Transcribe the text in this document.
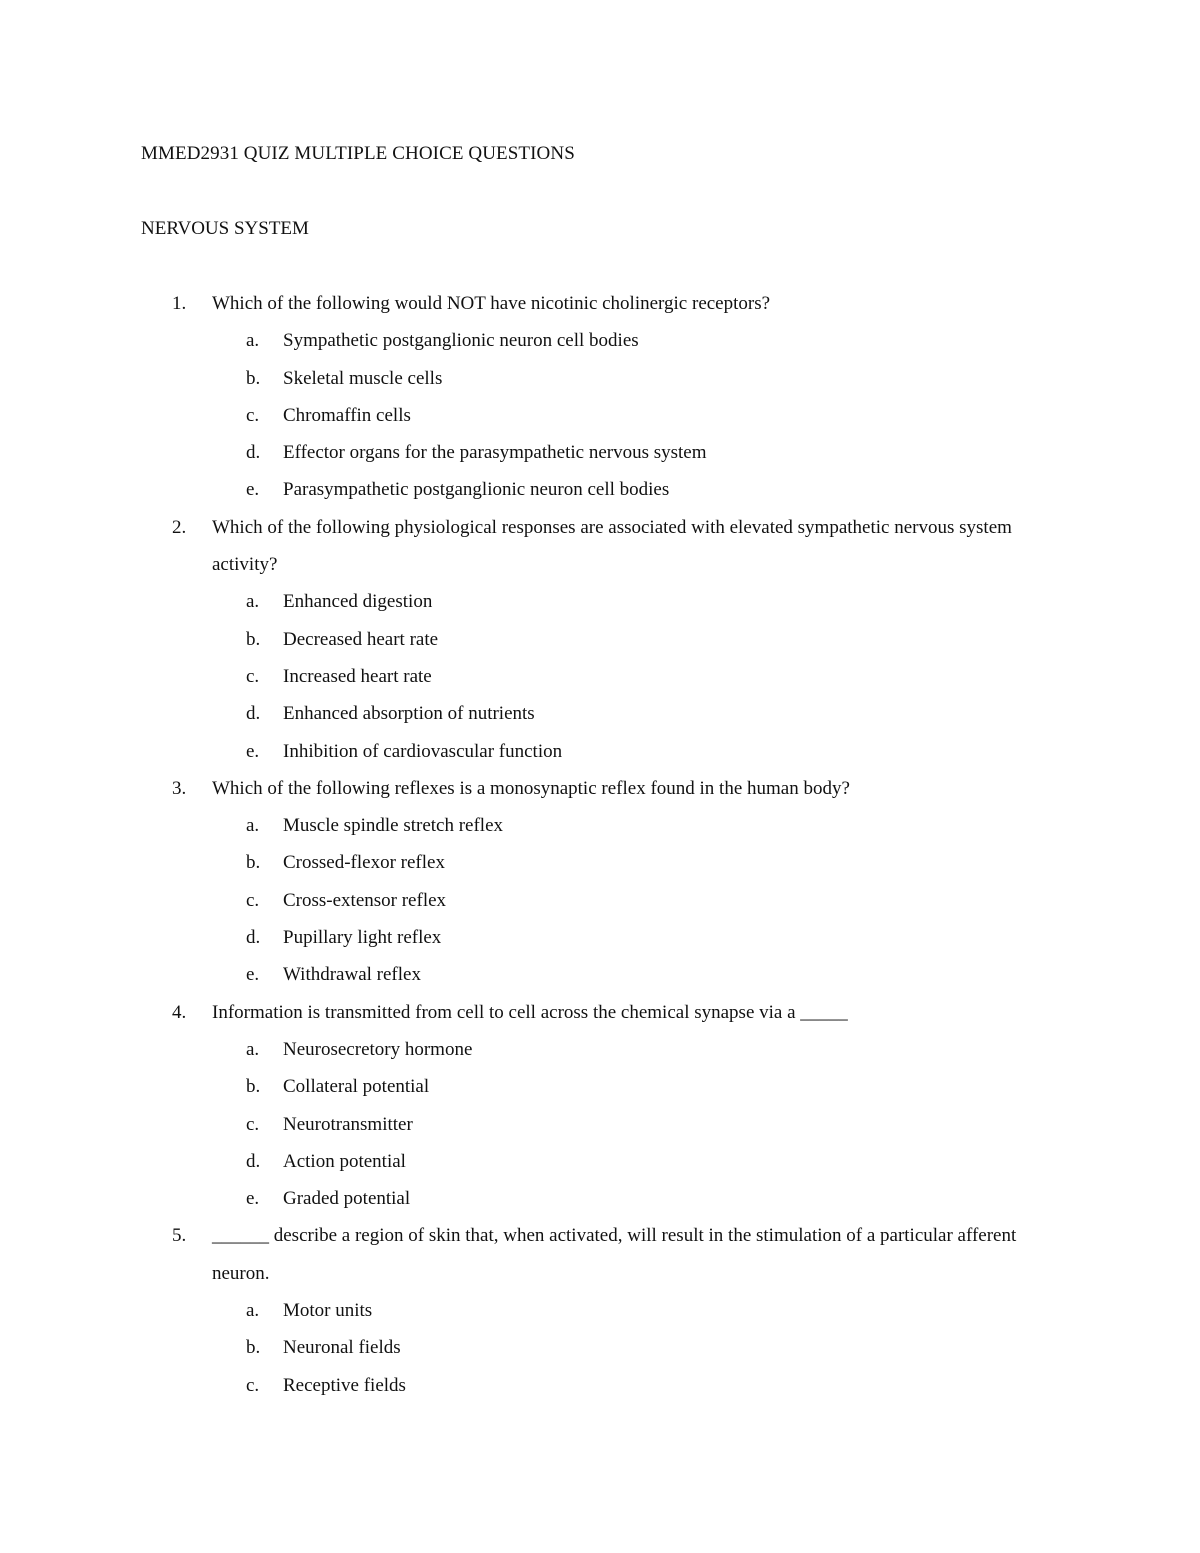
MMED2931 QUIZ MULTIPLE CHOICE QUESTIONS
NERVOUS SYSTEM
1. Which of the following would NOT have nicotinic cholinergic receptors?
a. Sympathetic postganglionic neuron cell bodies
b. Skeletal muscle cells
c. Chromaffin cells
d. Effector organs for the parasympathetic nervous system
e. Parasympathetic postganglionic neuron cell bodies
2. Which of the following physiological responses are associated with elevated sympathetic nervous system activity?
a. Enhanced digestion
b. Decreased heart rate
c. Increased heart rate
d. Enhanced absorption of nutrients
e. Inhibition of cardiovascular function
3. Which of the following reflexes is a monosynaptic reflex found in the human body?
a. Muscle spindle stretch reflex
b. Crossed-flexor reflex
c. Cross-extensor reflex
d. Pupillary light reflex
e. Withdrawal reflex
4. Information is transmitted from cell to cell across the chemical synapse via a _____
a. Neurosecretory hormone
b. Collateral potential
c. Neurotransmitter
d. Action potential
e. Graded potential
5. ______ describe a region of skin that, when activated, will result in the stimulation of a particular afferent neuron.
a. Motor units
b. Neuronal fields
c. Receptive fields
